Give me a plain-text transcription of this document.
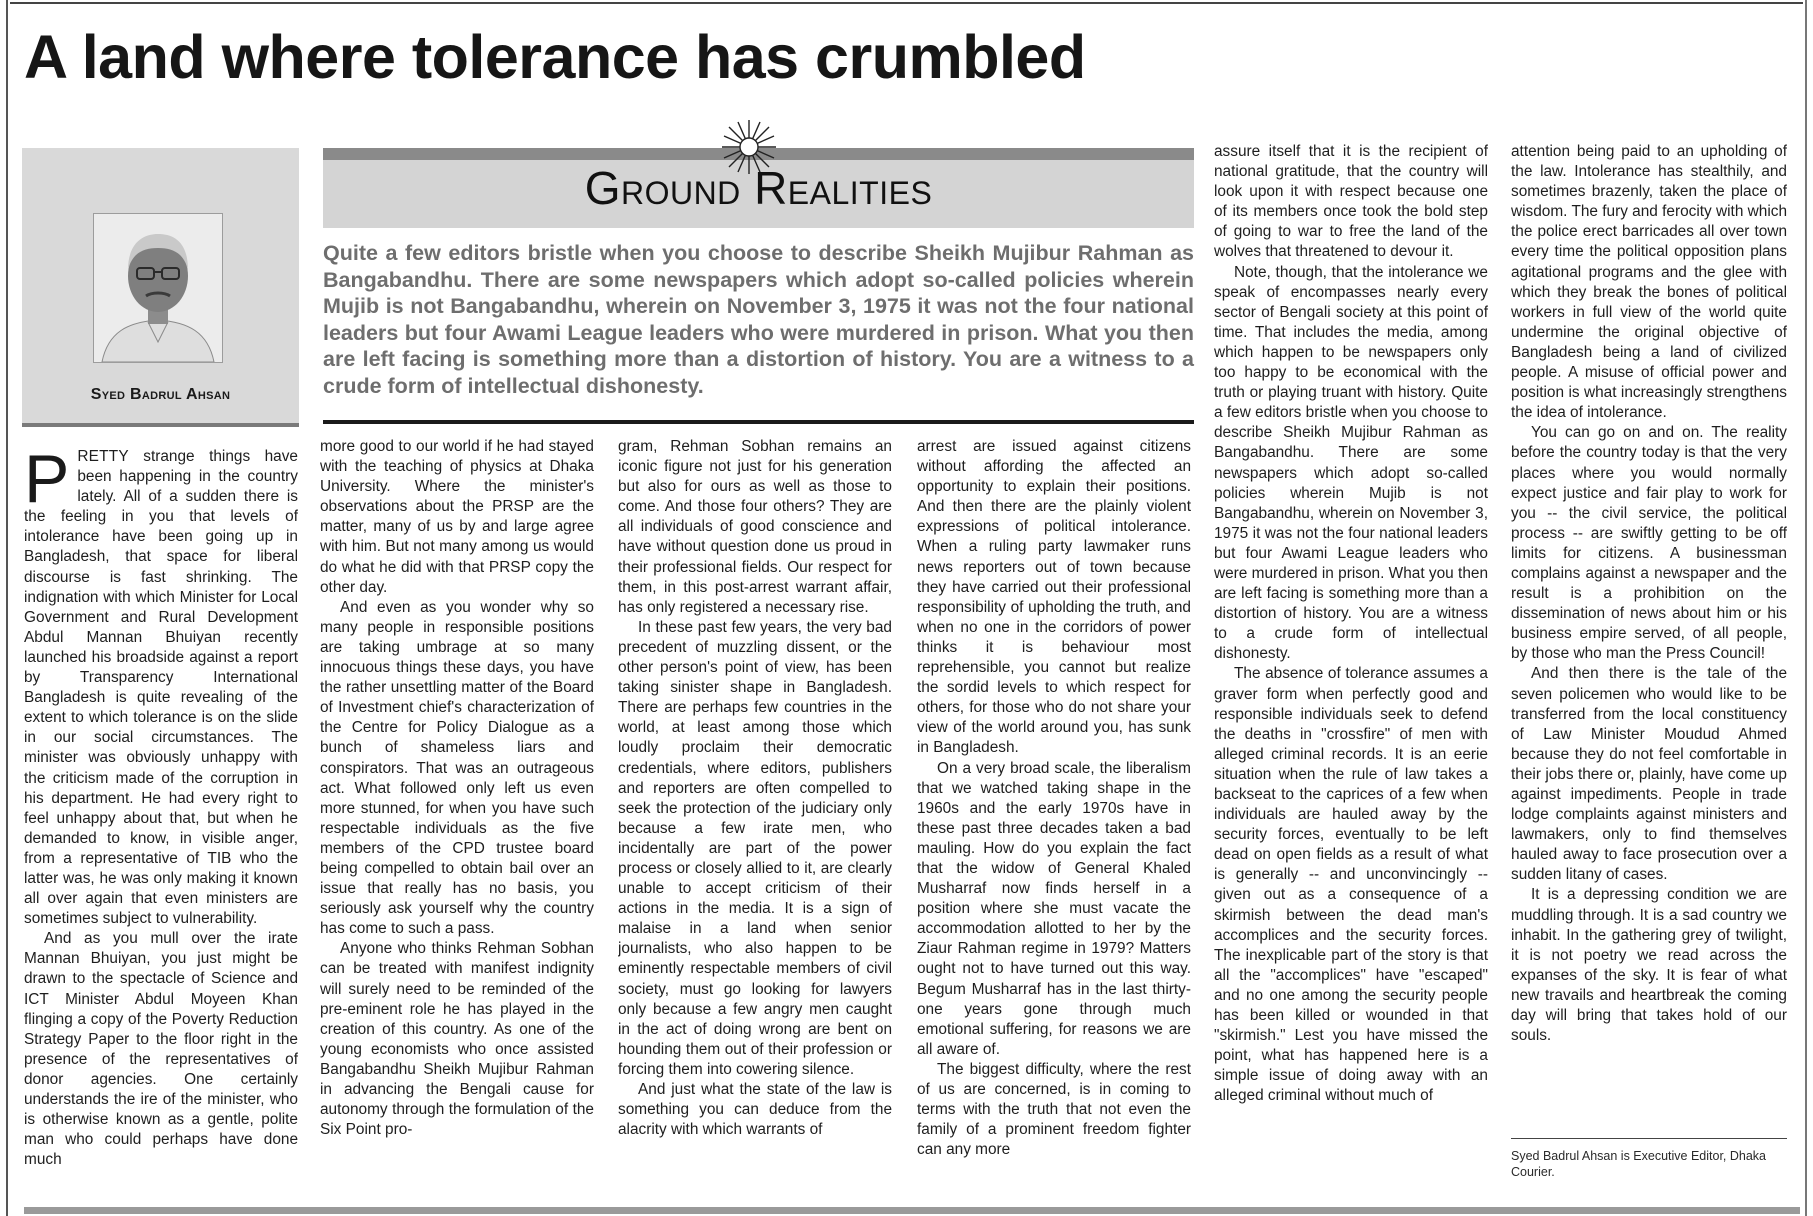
A land where tolerance has crumbled
Syed Badrul Ahsan
Ground Realities

Quite a few editors bristle when you choose to describe Sheikh Mujibur Rahman as Bangabandhu. There are some newspapers which adopt so-called policies wherein Mujib is not Bangabandhu, wherein on November 3, 1975 it was not the four national leaders but four Awami League leaders who were murdered in prison. What you then are left facing is something more than a distortion of history. You are a witness to a crude form of intellectual dishonesty.

PRETTY strange things have been happening in the country lately. All of a sudden there is the feeling in you that levels of intolerance have been going up in Bangladesh, that space for liberal discourse is fast shrinking. The indignation with which Minister for Local Government and Rural Development Abdul Mannan Bhuiyan recently launched his broadside against a report by Transparency International Bangladesh is quite revealing of the extent to which tolerance is on the slide in our social circumstances. The minister was obviously unhappy with the criticism made of the corruption in his department. He had every right to feel unhappy about that, but when he demanded to know, in visible anger, from a representative of TIB who the latter was, he was only making it known all over again that even ministers are sometimes subject to vulnerability.

And as you mull over the irate Mannan Bhuiyan, you just might be drawn to the spectacle of Science and ICT Minister Abdul Moyeen Khan flinging a copy of the Poverty Reduction Strategy Paper to the floor right in the presence of the representatives of donor agencies. One certainly understands the ire of the minister, who is otherwise known as a gentle, polite man who could perhaps have done much

more good to our world if he had stayed with the teaching of physics at Dhaka University. Where the minister's observations about the PRSP are the matter, many of us by and large agree with him. But not many among us would do what he did with that PRSP copy the other day.

And even as you wonder why so many people in responsible positions are taking umbrage at so many innocuous things these days, you have the rather unsettling matter of the Board of Investment chief's characterization of the Centre for Policy Dialogue as a bunch of shameless liars and conspirators. That was an outrageous act. What followed only left us even more stunned, for when you have such respectable individuals as the five members of the CPD trustee board being compelled to obtain bail over an issue that really has no basis, you seriously ask yourself why the country has come to such a pass.

Anyone who thinks Rehman Sobhan can be treated with manifest indignity will surely need to be reminded of the pre-eminent role he has played in the creation of this country. As one of the young economists who once assisted Bangabandhu Sheikh Mujibur Rahman in advancing the Bengali cause for autonomy through the formulation of the Six Point pro-

gram, Rehman Sobhan remains an iconic figure not just for his generation but also for ours as well as those to come. And those four others? They are all individuals of good conscience and have without question done us proud in their professional fields. Our respect for them, in this post-arrest warrant affair, has only registered a necessary rise.

In these past few years, the very bad precedent of muzzling dissent, or the other person's point of view, has been taking sinister shape in Bangladesh. There are perhaps few countries in the world, at least among those which loudly proclaim their democratic credentials, where editors, publishers and reporters are often compelled to seek the protection of the judiciary only because a few irate men, who incidentally are part of the power process or closely allied to it, are clearly unable to accept criticism of their actions in the media. It is a sign of malaise in a land when senior journalists, who also happen to be eminently respectable members of civil society, must go looking for lawyers only because a few angry men caught in the act of doing wrong are bent on hounding them out of their profession or forcing them into cowering silence.

And just what the state of the law is something you can deduce from the alacrity with which warrants of

arrest are issued against citizens without affording the affected an opportunity to explain their positions. And then there are the plainly violent expressions of political intolerance. When a ruling party lawmaker runs news reporters out of town because they have carried out their professional responsibility of upholding the truth, and when no one in the corridors of power thinks it is behaviour most reprehensible, you cannot but realize the sordid levels to which respect for others, for those who do not share your view of the world around you, has sunk in Bangladesh.

On a very broad scale, the liberalism that we watched taking shape in the 1960s and the early 1970s have in these past three decades taken a bad mauling. How do you explain the fact that the widow of General Khaled Musharraf now finds herself in a position where she must vacate the accommodation allotted to her by the Ziaur Rahman regime in 1979? Matters ought not to have turned out this way. Begum Musharraf has in the last thirty-one years gone through much emotional suffering, for reasons we are all aware of.

The biggest difficulty, where the rest of us are concerned, is in coming to terms with the truth that not even the family of a prominent freedom fighter can any more

assure itself that it is the recipient of national gratitude, that the country will look upon it with respect because one of its members once took the bold step of going to war to free the land of the wolves that threatened to devour it.

Note, though, that the intolerance we speak of encompasses nearly every sector of Bengali society at this point of time. That includes the media, among which happen to be newspapers only too happy to be economical with the truth or playing truant with history. Quite a few editors bristle when you choose to describe Sheikh Mujibur Rahman as Bangabandhu. There are some newspapers which adopt so-called policies wherein Mujib is not Bangabandhu, wherein on November 3, 1975 it was not the four national leaders but four Awami League leaders who were murdered in prison. What you then are left facing is something more than a distortion of history. You are a witness to a crude form of intellectual dishonesty.

The absence of tolerance assumes a graver form when perfectly good and responsible individuals seek to defend the deaths in "crossfire" of men with alleged criminal records. It is an eerie situation when the rule of law takes a backseat to the caprices of a few when individuals are hauled away by the security forces, eventually to be left dead on open fields as a result of what is generally -- and unconvincingly -- given out as a consequence of a skirmish between the dead man's accomplices and the security forces. The inexplicable part of the story is that all the "accomplices" have "escaped" and no one among the security people has been killed or wounded in that "skirmish." Lest you have missed the point, what has happened here is a simple issue of doing away with an alleged criminal without much of

attention being paid to an upholding of the law. Intolerance has stealthily, and sometimes brazenly, taken the place of wisdom. The fury and ferocity with which the police erect barricades all over town every time the political opposition plans agitational programs and the glee with which they break the bones of political workers in full view of the world quite undermine the original objective of Bangladesh being a land of civilized people. A misuse of official power and position is what increasingly strengthens the idea of intolerance.

You can go on and on. The reality before the country today is that the very places where you would normally expect justice and fair play to work for you -- the civil service, the political process -- are swiftly getting to be off limits for citizens. A businessman complains against a newspaper and the result is a prohibition on the dissemination of news about him or his business empire served, of all people, by those who man the Press Council!

And then there is the tale of the seven policemen who would like to be transferred from the local constituency of Law Minister Moudud Ahmed because they do not feel comfortable in their jobs there or, plainly, have come up against impediments. People in trade lodge complaints against ministers and lawmakers, only to find themselves hauled away to face prosecution over a sudden litany of cases.

It is a depressing condition we are muddling through. It is a sad country we inhabit. In the gathering grey of twilight, it is not poetry we read across the expanses of the sky. It is fear of what new travails and heartbreak the coming day will bring that takes hold of our souls.

Syed Badrul Ahsan is Executive Editor, Dhaka Courier.
